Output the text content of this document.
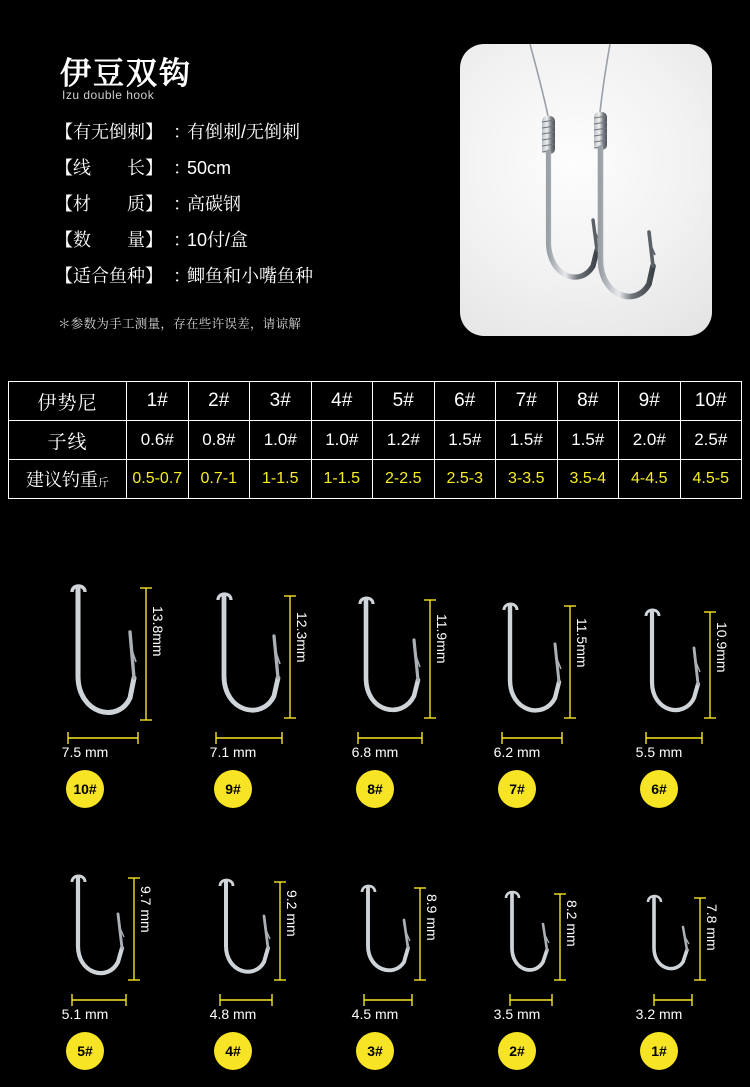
伊豆双钩
Izu double hook
【有无倒刺】 ：
有倒刺/无倒刺
【线　　长】 ：
50cm
【材　　质】 ：
高碳钢
【数　　量】 ：
10付/盒
【适合鱼种】 ：
鲫鱼和小嘴鱼种
＊参数为手工测量，存在些许误差，请谅解
伊势尼	1#	2#	3#	4#	5#	6#	7#	8#	9#	10#
子线	0.6#	0.8#	1.0#	1.0#	1.2#	1.5#	1.5#	1.5#	2.0#	2.5#
建议钓重斤	0.5-0.7	0.7-1	1-1.5	1-1.5	2-2.5	2.5-3	3-3.5	3.5-4	4-4.5	4.5-5
13.8mm
7.5 mm
10#
12.3mm
7.1 mm
9#
11.9mm
6.8 mm
8#
11.5mm
6.2 mm
7#
10.9mm
5.5 mm
6#
9.7 mm
5.1 mm
5#
9.2 mm
4.8 mm
4#
8.9 mm
4.5 mm
3#
8.2 mm
3.5 mm
2#
7.8 mm
3.2 mm
1#
